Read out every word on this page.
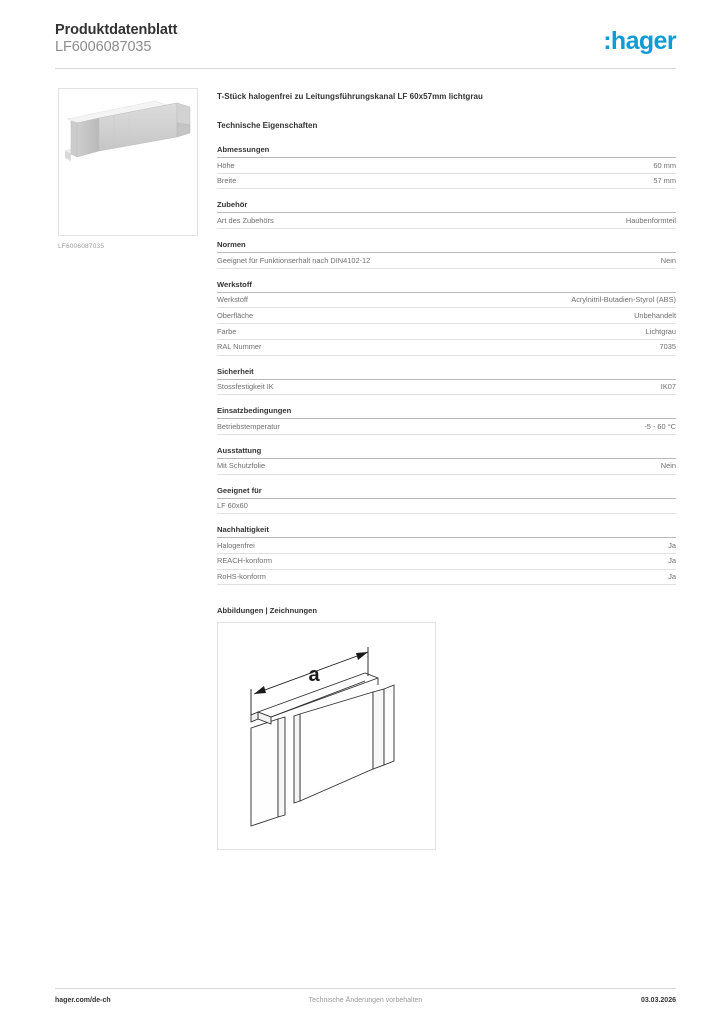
Produktdatenblatt
LF6006087035	:hager
LF6006087035
T-Stück halogenfrei zu Leitungsführungskanal LF 60x57mm lichtgrau
Technische Eigenschaften
Abmessungen
Höhe	60 mm
Breite	57 mm
Zubehör
Art des Zubehörs	Haubenformteil
Normen
Geeignet für Funktionserhalt nach DIN4102-12	Nein
Werkstoff
Werkstoff	Acrylnitril-Butadien-Styrol (ABS)
Oberfläche	Unbehandelt
Farbe	Lichtgrau
RAL Nummer	7035
Sicherheit
Stossfestigkeit IK	IK07
Einsatzbedingungen
Betriebstemperatur	-5 - 60 °C
Ausstattung
Mit Schutzfolie	Nein
Geeignet für
LF 60x60
Nachhaltigkeit
Halogenfrei	Ja
REACH-konform	Ja
RoHS-konform	Ja
Abbildungen | Zeichnungen
a
hager.com/de-ch	Technische Änderungen vorbehalten	03.03.2026
